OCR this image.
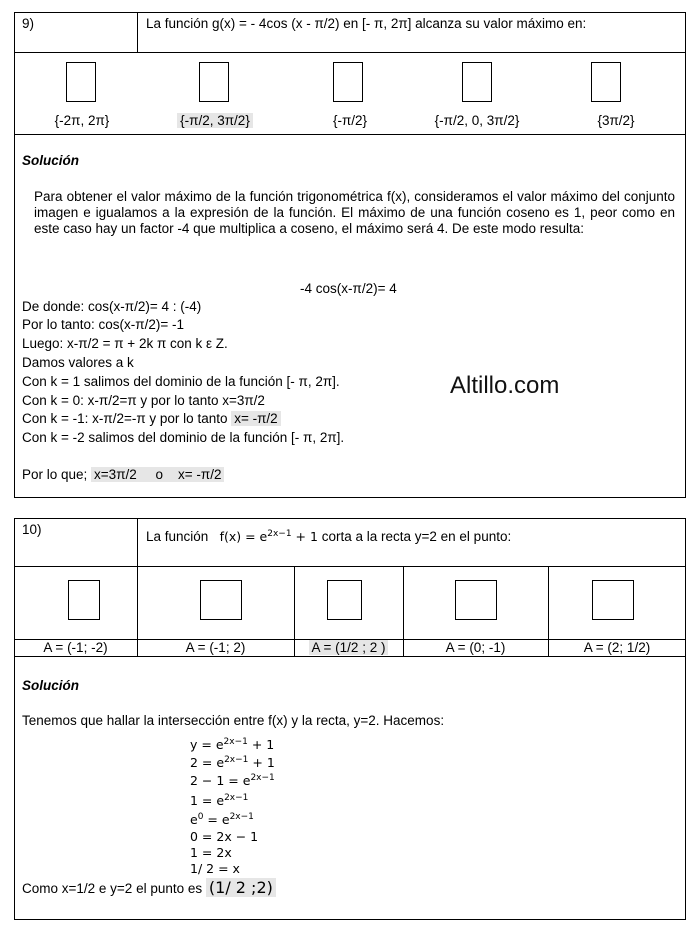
9)	La función g(x) = - 4cos (x - π/2) en [- π, 2π] alcanza su valor máximo en:
{-2π, 2π}	{-π/2, 3π/2}	{-π/2}	{-π/2, 0, 3π/2}	{3π/2}
Solución
Para obtener el valor máximo de la función trigonométrica f(x), consideramos el valor máximo del conjunto imagen e igualamos a la expresión de la función. El máximo de una función coseno es 1, peor como en este caso hay un factor -4 que multiplica a coseno, el máximo será 4. De este modo resulta:
-4 cos(x-π/2)= 4
De donde: cos(x-π/2)= 4 : (-4)
Por lo tanto: cos(x-π/2)= -1
Luego: x-π/2 = π + 2k π con k ε Z.
Damos valores a k
Con k = 1 salimos del dominio de la función [- π, 2π].
Con k = 0: x-π/2=π y por lo tanto x=3π/2
Con k = -1: x-π/2=-π y por lo tanto x= -π/2
Con k = -2 salimos del dominio de la función [- π, 2π].
Por lo que; x=3π/2     o    x= -π/2
Altillo.com
10)	La función $f(x) = e^{2x-1} + 1$ corta a la recta y=2 en el punto:
A = (-1; -2)	A = (-1; 2)	A = (1/2 ; 2 )	A = (0; -1)	A = (2; 1/2)
Solución
Tenemos que hallar la intersección entre f(x) y la recta, y=2. Hacemos:
$y = e^{2x-1} + 1$
$2 = e^{2x-1} + 1$
$2 - 1 = e^{2x-1}$
$1 = e^{2x-1}$
$e^0 = e^{2x-1}$
0 = 2x − 1
1 = 2x
1/ 2 = x
Como x=1/2 e y=2 el punto es (1/ 2 ;2)
